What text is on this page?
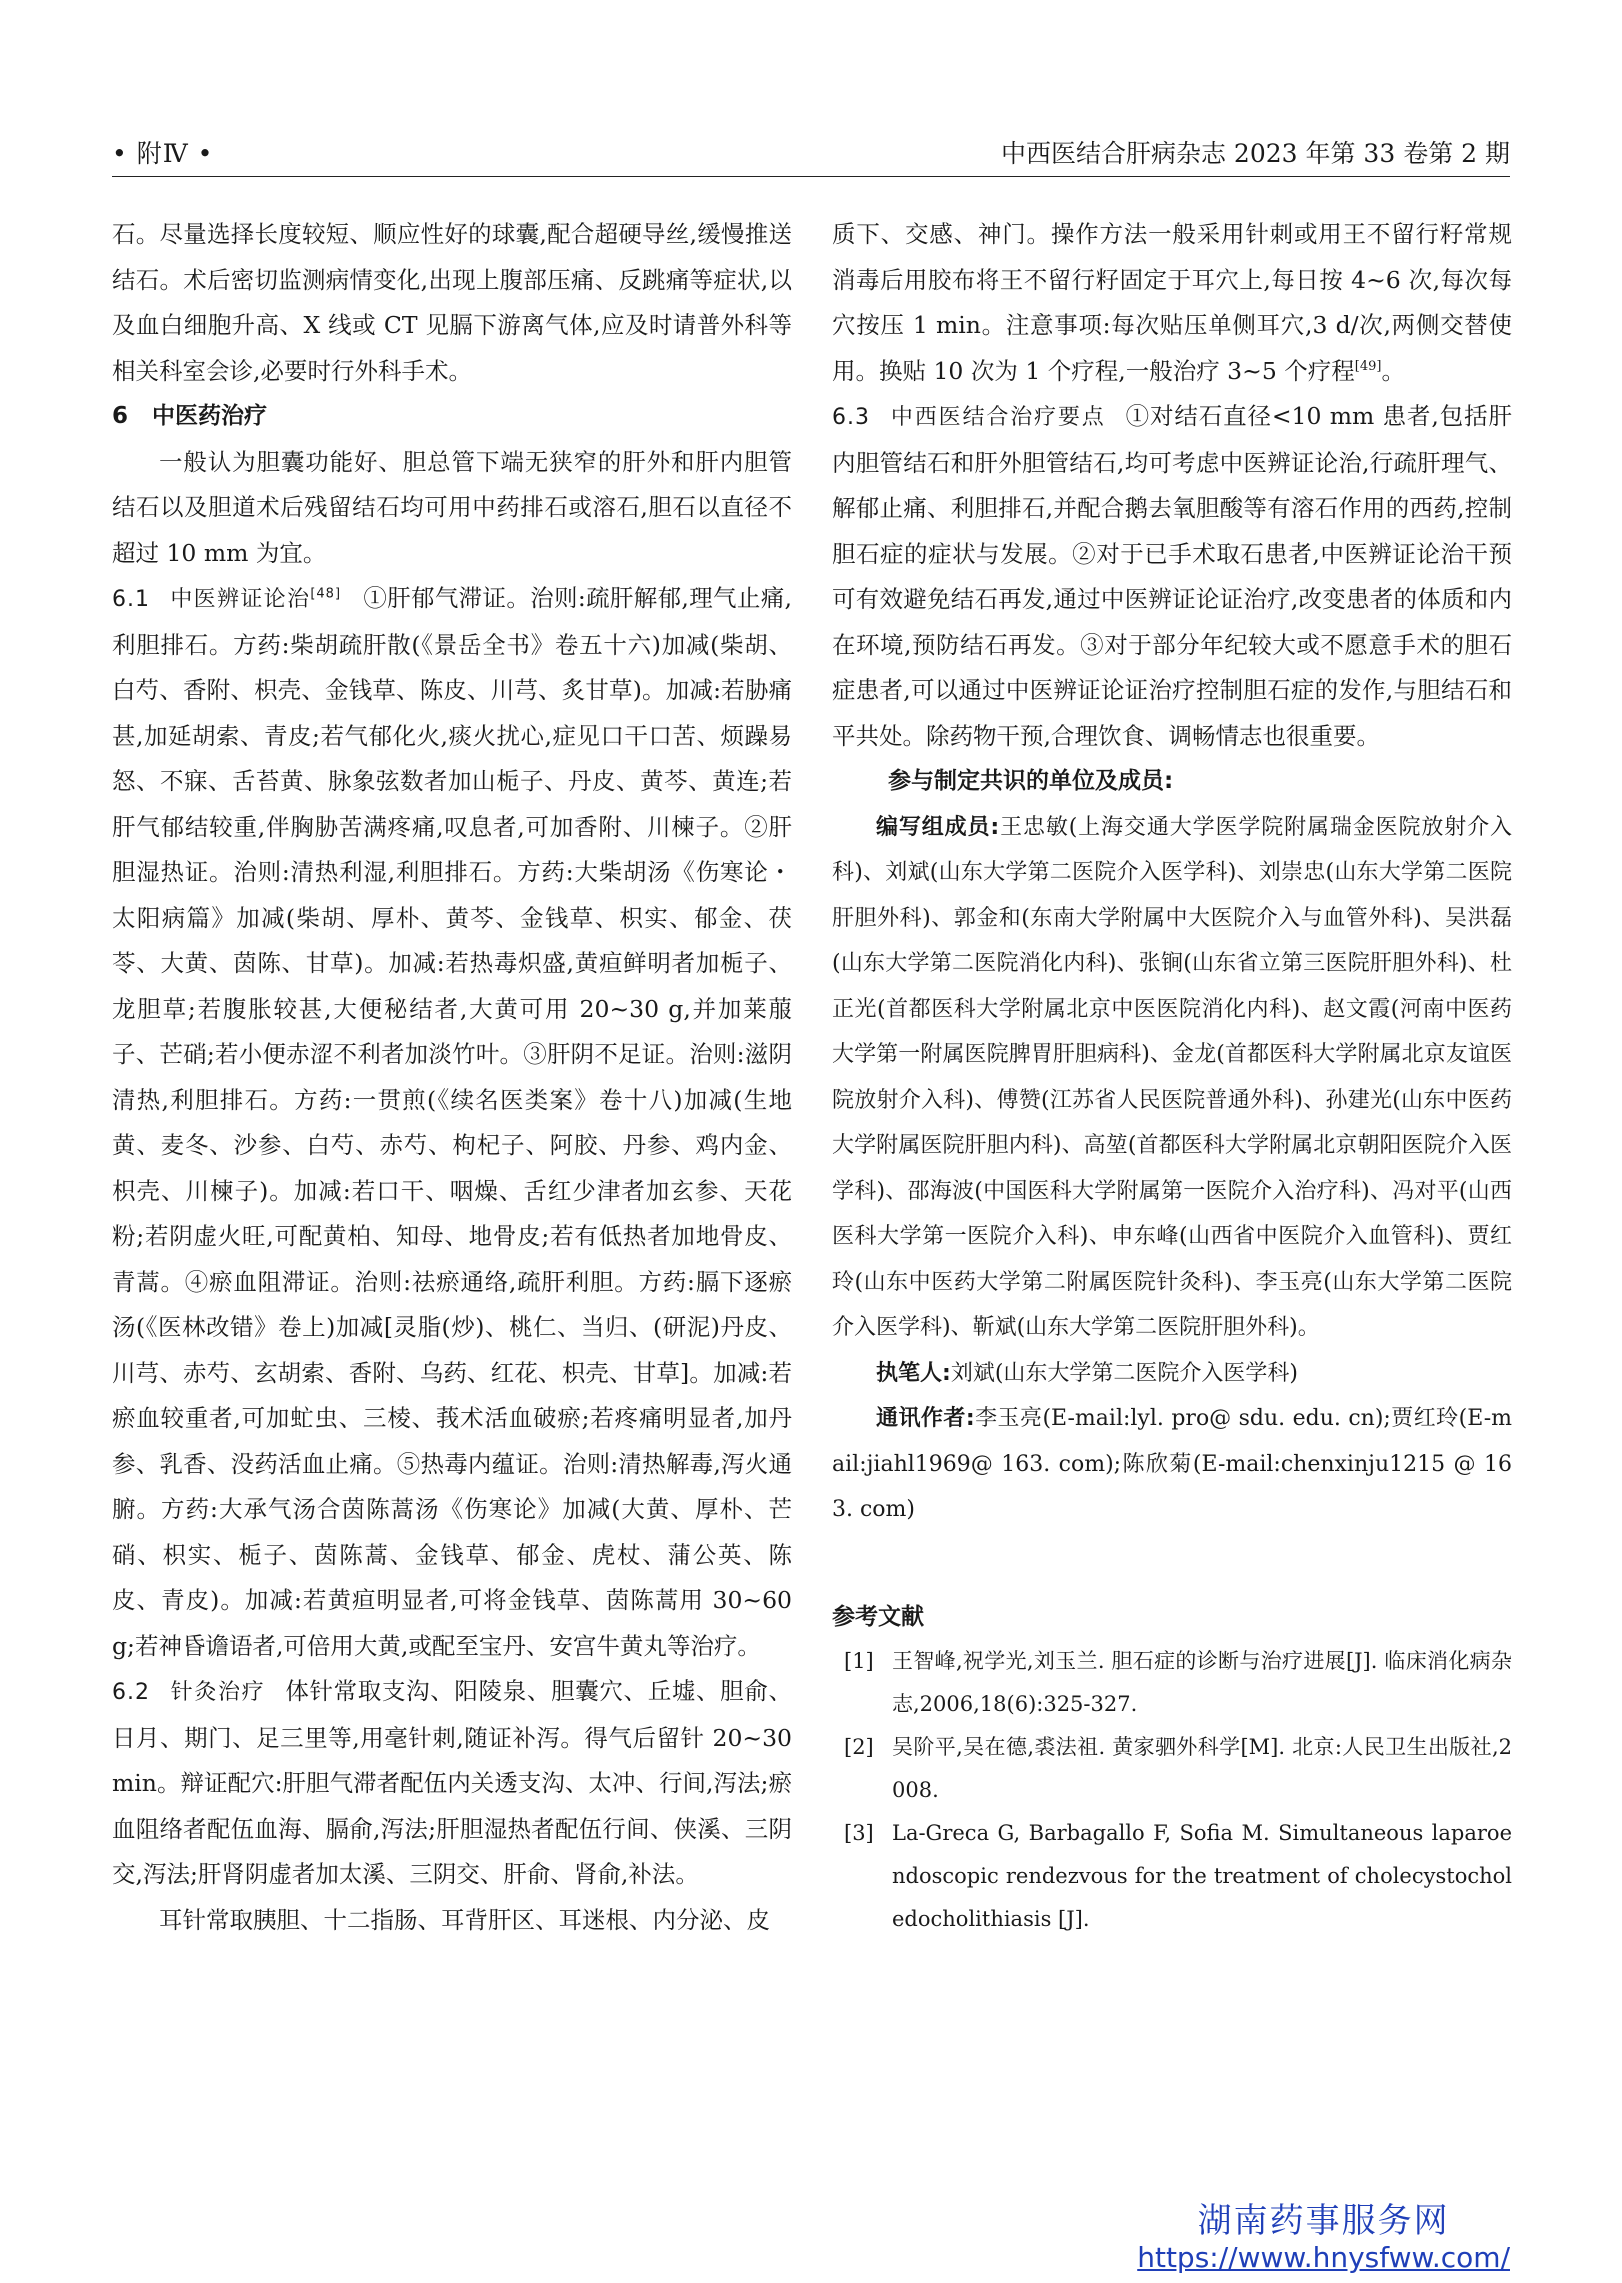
• 附Ⅳ •	中西医结合肝病杂志 2023 年第 33 卷第 2 期

石。尽量选择长度较短、顺应性好的球囊,配合超硬导丝,缓慢推送结石。术后密切监测病情变化,出现上腹部压痛、反跳痛等症状,以及血白细胞升高、X 线或 CT 见膈下游离气体,应及时请普外科等相关科室会诊,必要时行外科手术。

6 中医药治疗

一般认为胆囊功能好、胆总管下端无狭窄的肝外和肝内胆管结石以及胆道术后残留结石均可用中药排石或溶石,胆石以直径不超过 10 mm 为宜。

6.1 中医辨证论治[48] ①肝郁气滞证。治则:疏肝解郁,理气止痛,利胆排石。方药:柴胡疏肝散(《景岳全书》卷五十六)加减(柴胡、白芍、香附、枳壳、金钱草、陈皮、川芎、炙甘草)。加减:若胁痛甚,加延胡索、青皮;若气郁化火,痰火扰心,症见口干口苦、烦躁易怒、不寐、舌苔黄、脉象弦数者加山栀子、丹皮、黄芩、黄连;若肝气郁结较重,伴胸胁苦满疼痛,叹息者,可加香附、川楝子。②肝胆湿热证。治则:清热利湿,利胆排石。方药:大柴胡汤《伤寒论・太阳病篇》加减(柴胡、厚朴、黄芩、金钱草、枳实、郁金、茯苓、大黄、茵陈、甘草)。加减:若热毒炽盛,黄疸鲜明者加栀子、龙胆草;若腹胀较甚,大便秘结者,大黄可用 20~30 g,并加莱菔子、芒硝;若小便赤涩不利者加淡竹叶。③肝阴不足证。治则:滋阴清热,利胆排石。方药:一贯煎(《续名医类案》卷十八)加减(生地黄、麦冬、沙参、白芍、赤芍、枸杞子、阿胶、丹参、鸡内金、枳壳、川楝子)。加减:若口干、咽燥、舌红少津者加玄参、天花粉;若阴虚火旺,可配黄柏、知母、地骨皮;若有低热者加地骨皮、青蒿。④瘀血阻滞证。治则:祛瘀通络,疏肝利胆。方药:膈下逐瘀汤(《医林改错》卷上)加减[灵脂(炒)、桃仁、当归、(研泥)丹皮、川芎、赤芍、玄胡索、香附、乌药、红花、枳壳、甘草]。加减:若瘀血较重者,可加虻虫、三棱、莪术活血破瘀;若疼痛明显者,加丹参、乳香、没药活血止痛。⑤热毒内蕴证。治则:清热解毒,泻火通腑。方药:大承气汤合茵陈蒿汤《伤寒论》加减(大黄、厚朴、芒硝、枳实、栀子、茵陈蒿、金钱草、郁金、虎杖、蒲公英、陈皮、青皮)。加减:若黄疸明显者,可将金钱草、茵陈蒿用 30~60 g;若神昏谵语者,可倍用大黄,或配至宝丹、安宫牛黄丸等治疗。

6.2 针灸治疗 体针常取支沟、阳陵泉、胆囊穴、丘墟、胆俞、日月、期门、足三里等,用毫针刺,随证补泻。得气后留针 20~30 min。辩证配穴:肝胆气滞者配伍内关透支沟、太冲、行间,泻法;瘀血阻络者配伍血海、膈俞,泻法;肝胆湿热者配伍行间、侠溪、三阴交,泻法;肝肾阴虚者加太溪、三阴交、肝俞、肾俞,补法。

耳针常取胰胆、十二指肠、耳背肝区、耳迷根、内分泌、皮

质下、交感、神门。操作方法一般采用针刺或用王不留行籽常规消毒后用胶布将王不留行籽固定于耳穴上,每日按 4~6 次,每次每穴按压 1 min。注意事项:每次贴压单侧耳穴,3 d/次,两侧交替使用。换贴 10 次为 1 个疗程,一般治疗 3~5 个疗程[49]。

6.3 中西医结合治疗要点 ①对结石直径<10 mm 患者,包括肝内胆管结石和肝外胆管结石,均可考虑中医辨证论治,行疏肝理气、解郁止痛、利胆排石,并配合鹅去氧胆酸等有溶石作用的西药,控制胆石症的症状与发展。②对于已手术取石患者,中医辨证论治干预可有效避免结石再发,通过中医辨证论证治疗,改变患者的体质和内在环境,预防结石再发。③对于部分年纪较大或不愿意手术的胆石症患者,可以通过中医辨证论证治疗控制胆石症的发作,与胆结石和平共处。除药物干预,合理饮食、调畅情志也很重要。

参与制定共识的单位及成员:

编写组成员:王忠敏(上海交通大学医学院附属瑞金医院放射介入科)、刘斌(山东大学第二医院介入医学科)、刘崇忠(山东大学第二医院肝胆外科)、郭金和(东南大学附属中大医院介入与血管外科)、吴洪磊(山东大学第二医院消化内科)、张锏(山东省立第三医院肝胆外科)、杜正光(首都医科大学附属北京中医医院消化内科)、赵文霞(河南中医药大学第一附属医院脾胃肝胆病科)、金龙(首都医科大学附属北京友谊医院放射介入科)、傅赞(江苏省人民医院普通外科)、孙建光(山东中医药大学附属医院肝胆内科)、高堃(首都医科大学附属北京朝阳医院介入医学科)、邵海波(中国医科大学附属第一医院介入治疗科)、冯对平(山西医科大学第一医院介入科)、申东峰(山西省中医院介入血管科)、贾红玲(山东中医药大学第二附属医院针灸科)、李玉亮(山东大学第二医院介入医学科)、靳斌(山东大学第二医院肝胆外科)。

执笔人:刘斌(山东大学第二医院介入医学科)

通讯作者:李玉亮(E-mail:lyl. pro@ sdu. edu. cn);贾红玲(E-mail:jiahl1969@ 163. com);陈欣菊(E-mail:chenxinju1215 @ 163. com)

参考文献
[1] 王智峰,祝学光,刘玉兰. 胆石症的诊断与治疗进展[J]. 临床消化病杂志,2006,18(6):325-327.
[2] 吴阶平,吴在德,裘法祖. 黄家驷外科学[M]. 北京:人民卫生出版社,2008.
[3] La-Greca G, Barbagallo F, Sofia M. Simultaneous laparoendoscopic rendezvous for the treatment of cholecystocholedocholithiasis [J].
湖南药事服务网
https://www.hnysfww.com/
